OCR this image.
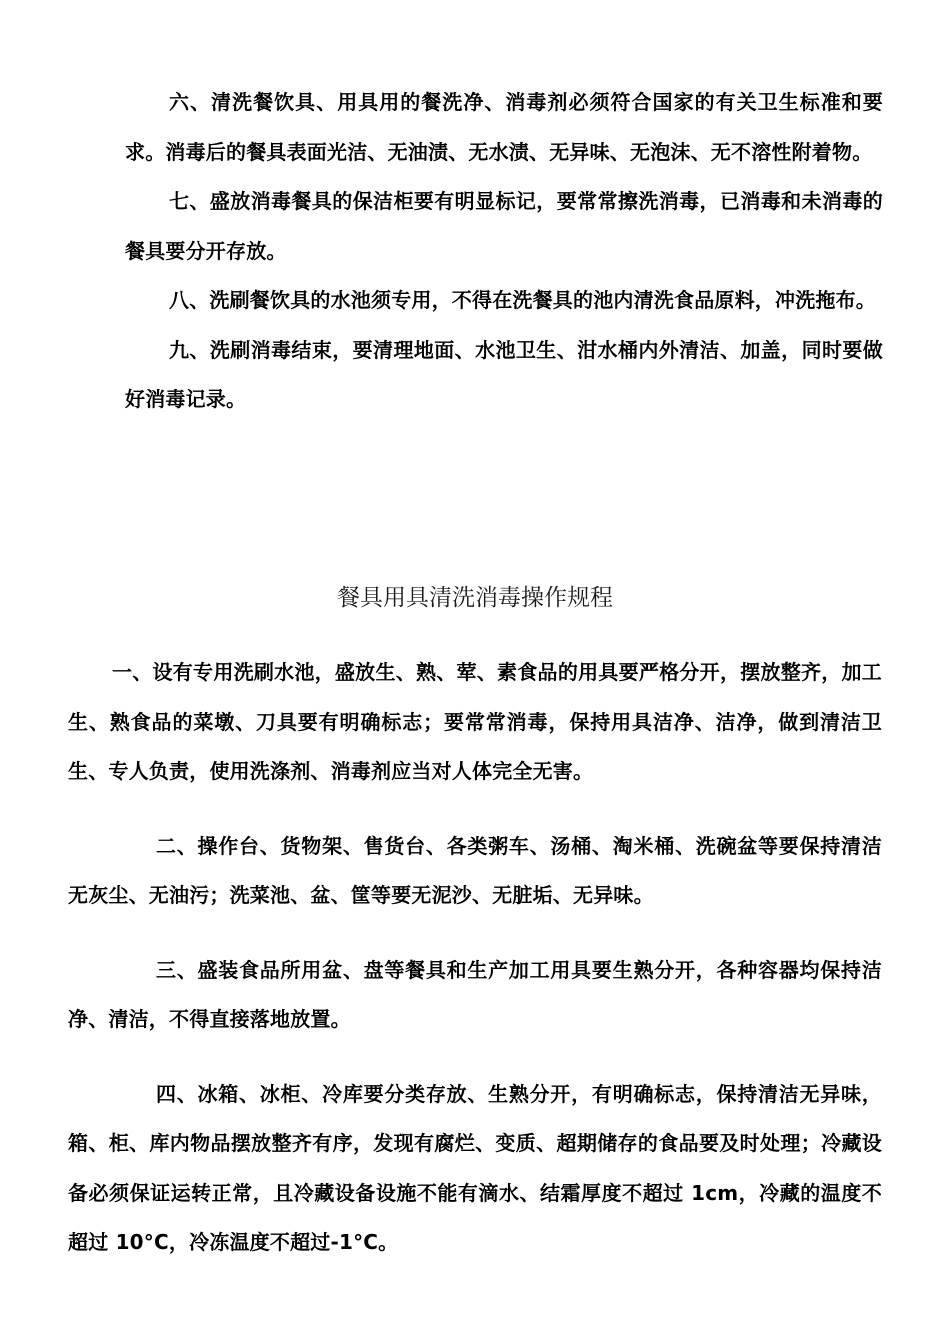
六、清洗餐饮具、用具用的餐洗净、消毒剂必须符合国家的有关卫生标准和要求。消毒后的餐具表面光洁、无油渍、无水渍、无异味、无泡沫、无不溶性附着物。

七、盛放消毒餐具的保洁柜要有明显标记，要常常擦洗消毒，已消毒和未消毒的餐具要分开存放。

八、洗刷餐饮具的水池须专用，不得在洗餐具的池内清洗食品原料，冲洗拖布。

九、洗刷消毒结束，要清理地面、水池卫生、泔水桶内外清洁、加盖，同时要做好消毒记录。

餐具用具清洗消毒操作规程

一、设有专用洗刷水池，盛放生、熟、荤、素食品的用具要严格分开，摆放整齐，加工生、熟食品的菜墩、刀具要有明确标志；要常常消毒，保持用具洁净、洁净，做到清洁卫生、专人负责，使用洗涤剂、消毒剂应当对人体完全无害。

二、操作台、货物架、售货台、各类粥车、汤桶、淘米桶、洗碗盆等要保持清洁无灰尘、无油污；洗菜池、盆、筐等要无泥沙、无脏垢、无异味。

三、盛装食品所用盆、盘等餐具和生产加工用具要生熟分开，各种容器均保持洁净、清洁，不得直接落地放置。

四、冰箱、冰柜、冷库要分类存放、生熟分开，有明确标志，保持清洁无异味，箱、柜、库内物品摆放整齐有序，发现有腐烂、变质、超期储存的食品要及时处理；冷藏设备必须保证运转正常，且冷藏设备设施不能有滴水、结霜厚度不超过 1cm，冷藏的温度不超过 10°C，冷冻温度不超过-1°C。
